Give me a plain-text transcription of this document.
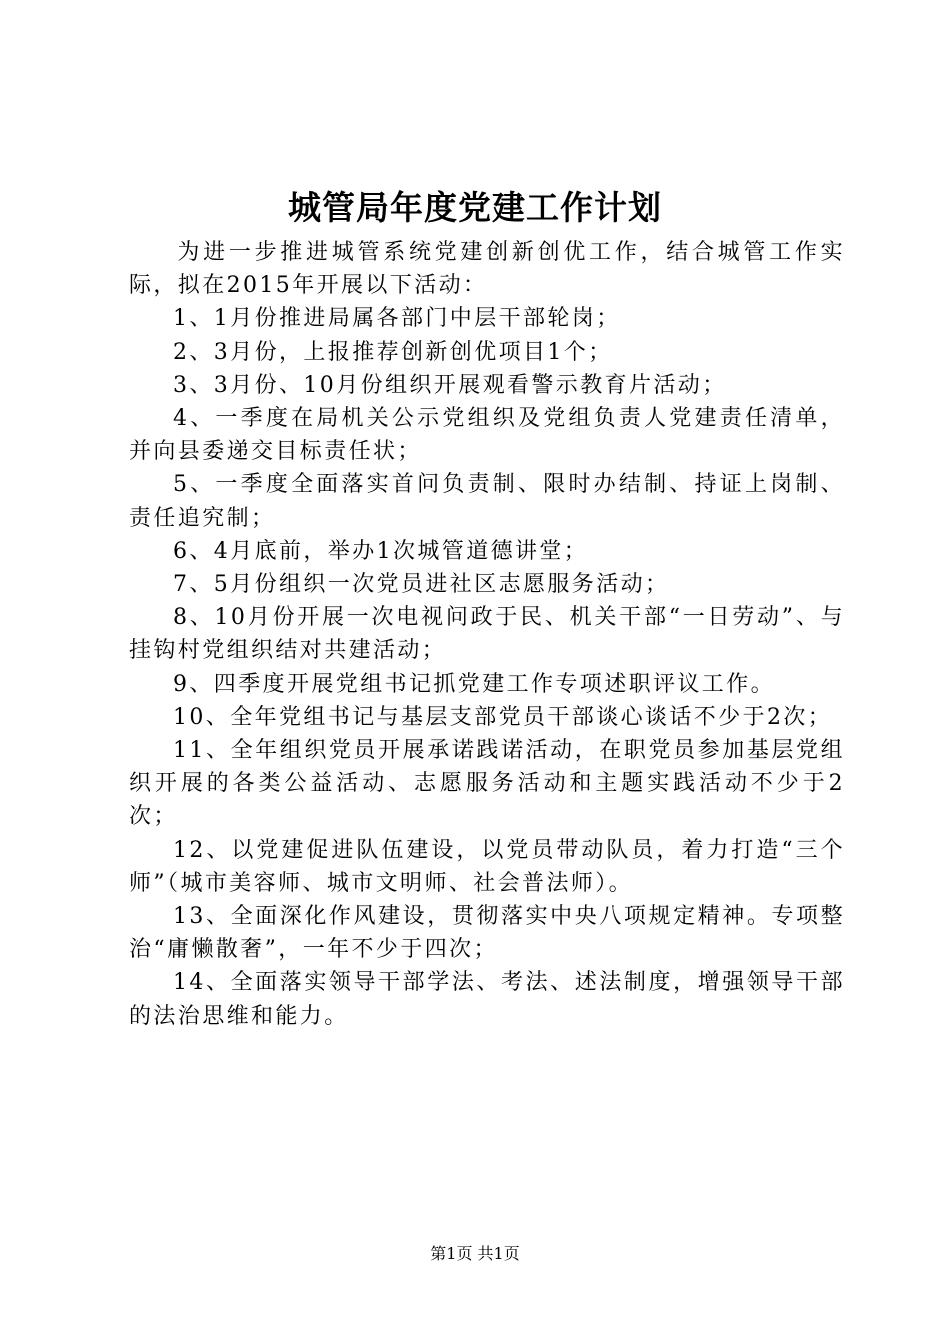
城管局年度党建工作计划

为进一步推进城管系统党建创新创优工作，结合城管工作实际，拟在2015年开展以下活动：

1、1月份推进局属各部门中层干部轮岗；

2、3月份，上报推荐创新创优项目1个；

3、3月份、10月份组织开展观看警示教育片活动；

4、一季度在局机关公示党组织及党组负责人党建责任清单，并向县委递交目标责任状；

5、一季度全面落实首问负责制、限时办结制、持证上岗制、责任追究制；

6、4月底前，举办1次城管道德讲堂；

7、5月份组织一次党员进社区志愿服务活动；

8、10月份开展一次电视问政于民、机关干部“一日劳动”、与挂钩村党组织结对共建活动；

9、四季度开展党组书记抓党建工作专项述职评议工作。

10、全年党组书记与基层支部党员干部谈心谈话不少于2次；

11、全年组织党员开展承诺践诺活动，在职党员参加基层党组织开展的各类公益活动、志愿服务活动和主题实践活动不少于2次；

12、以党建促进队伍建设，以党员带动队员，着力打造“三个师”（城市美容师、城市文明师、社会普法师）。

13、全面深化作风建设，贯彻落实中央八项规定精神。专项整治“庸懒散奢”，一年不少于四次；

14、全面落实领导干部学法、考法、述法制度，增强领导干部的法治思维和能力。

第1页 共1页
